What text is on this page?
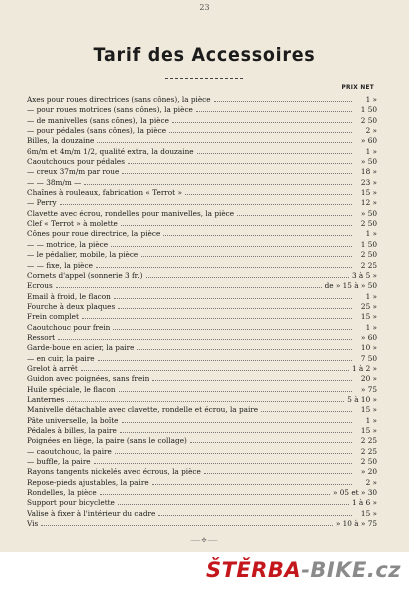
23
Tarif des Accessoires
PRIX NET
Axes pour roues directrices (sans cônes), la pièce	1 »
— pour roues motrices (sans cônes), la pièce	1 50
— de manivelles (sans cônes), la pièce	2 50
— pour pédales (sans cônes), la pièce	2 »
Billes, la douzaine	» 60
6m/m et 4m/m 1/2, qualité extra, la douzaine	1 »
Caoutchoucs pour pédales	» 50
— creux 37m/m par roue	18 »
— — 38m/m —	23 »
Chaînes à rouleaux, fabrication « Terrot »	15 »
— Perry	12 »
Clavette avec écrou, rondelles pour manivelles, la pièce	» 50
Clef « Terrot » à molette	2 50
Cônes pour roue directrice, la pièce	1 »
— — motrice, la pièce	1 50
— le pédalier, mobile, la pièce	2 50
— — fixe, la pièce	2 25
Cornets d'appel (sonnerie 3 fr.)	3 à 5 »
Ecrous	de » 15 à » 50
Email à froid, le flacon	1 »
Fourche à deux plaques	25 »
Frein complet	15 »
Caoutchouc pour frein	1 »
Ressort	» 60
Garde-boue en acier, la paire	10 »
— en cuir, la paire	7 50
Grelot à arrêt	1 à 2 »
Guidon avec poignées, sans frein	20 »
Huile spéciale, le flacon	» 75
Lanternes	5 à 10 »
Manivelle détachable avec clavette, rondelle et écrou, la paire	15 »
Pâte universelle, la boîte	1 »
Pédales à billes, la paire	15 »
Poignées en liège, la paire (sans le collage)	2 25
— caoutchouc, la paire	2 25
— buffle, la paire	2 50
Rayons tangents nickelés avec écrous, la pièce	» 20
Repose-pieds ajustables, la paire	2 »
Rondelles, la pièce	» 05 et » 30
Support pour bicyclette	1 à 6 »
Valise à fixer à l'intérieur du cadre	15 »
Vis	» 10 à » 75
⸺✣⸺
ŠTĚRBA-BIKE.cz
